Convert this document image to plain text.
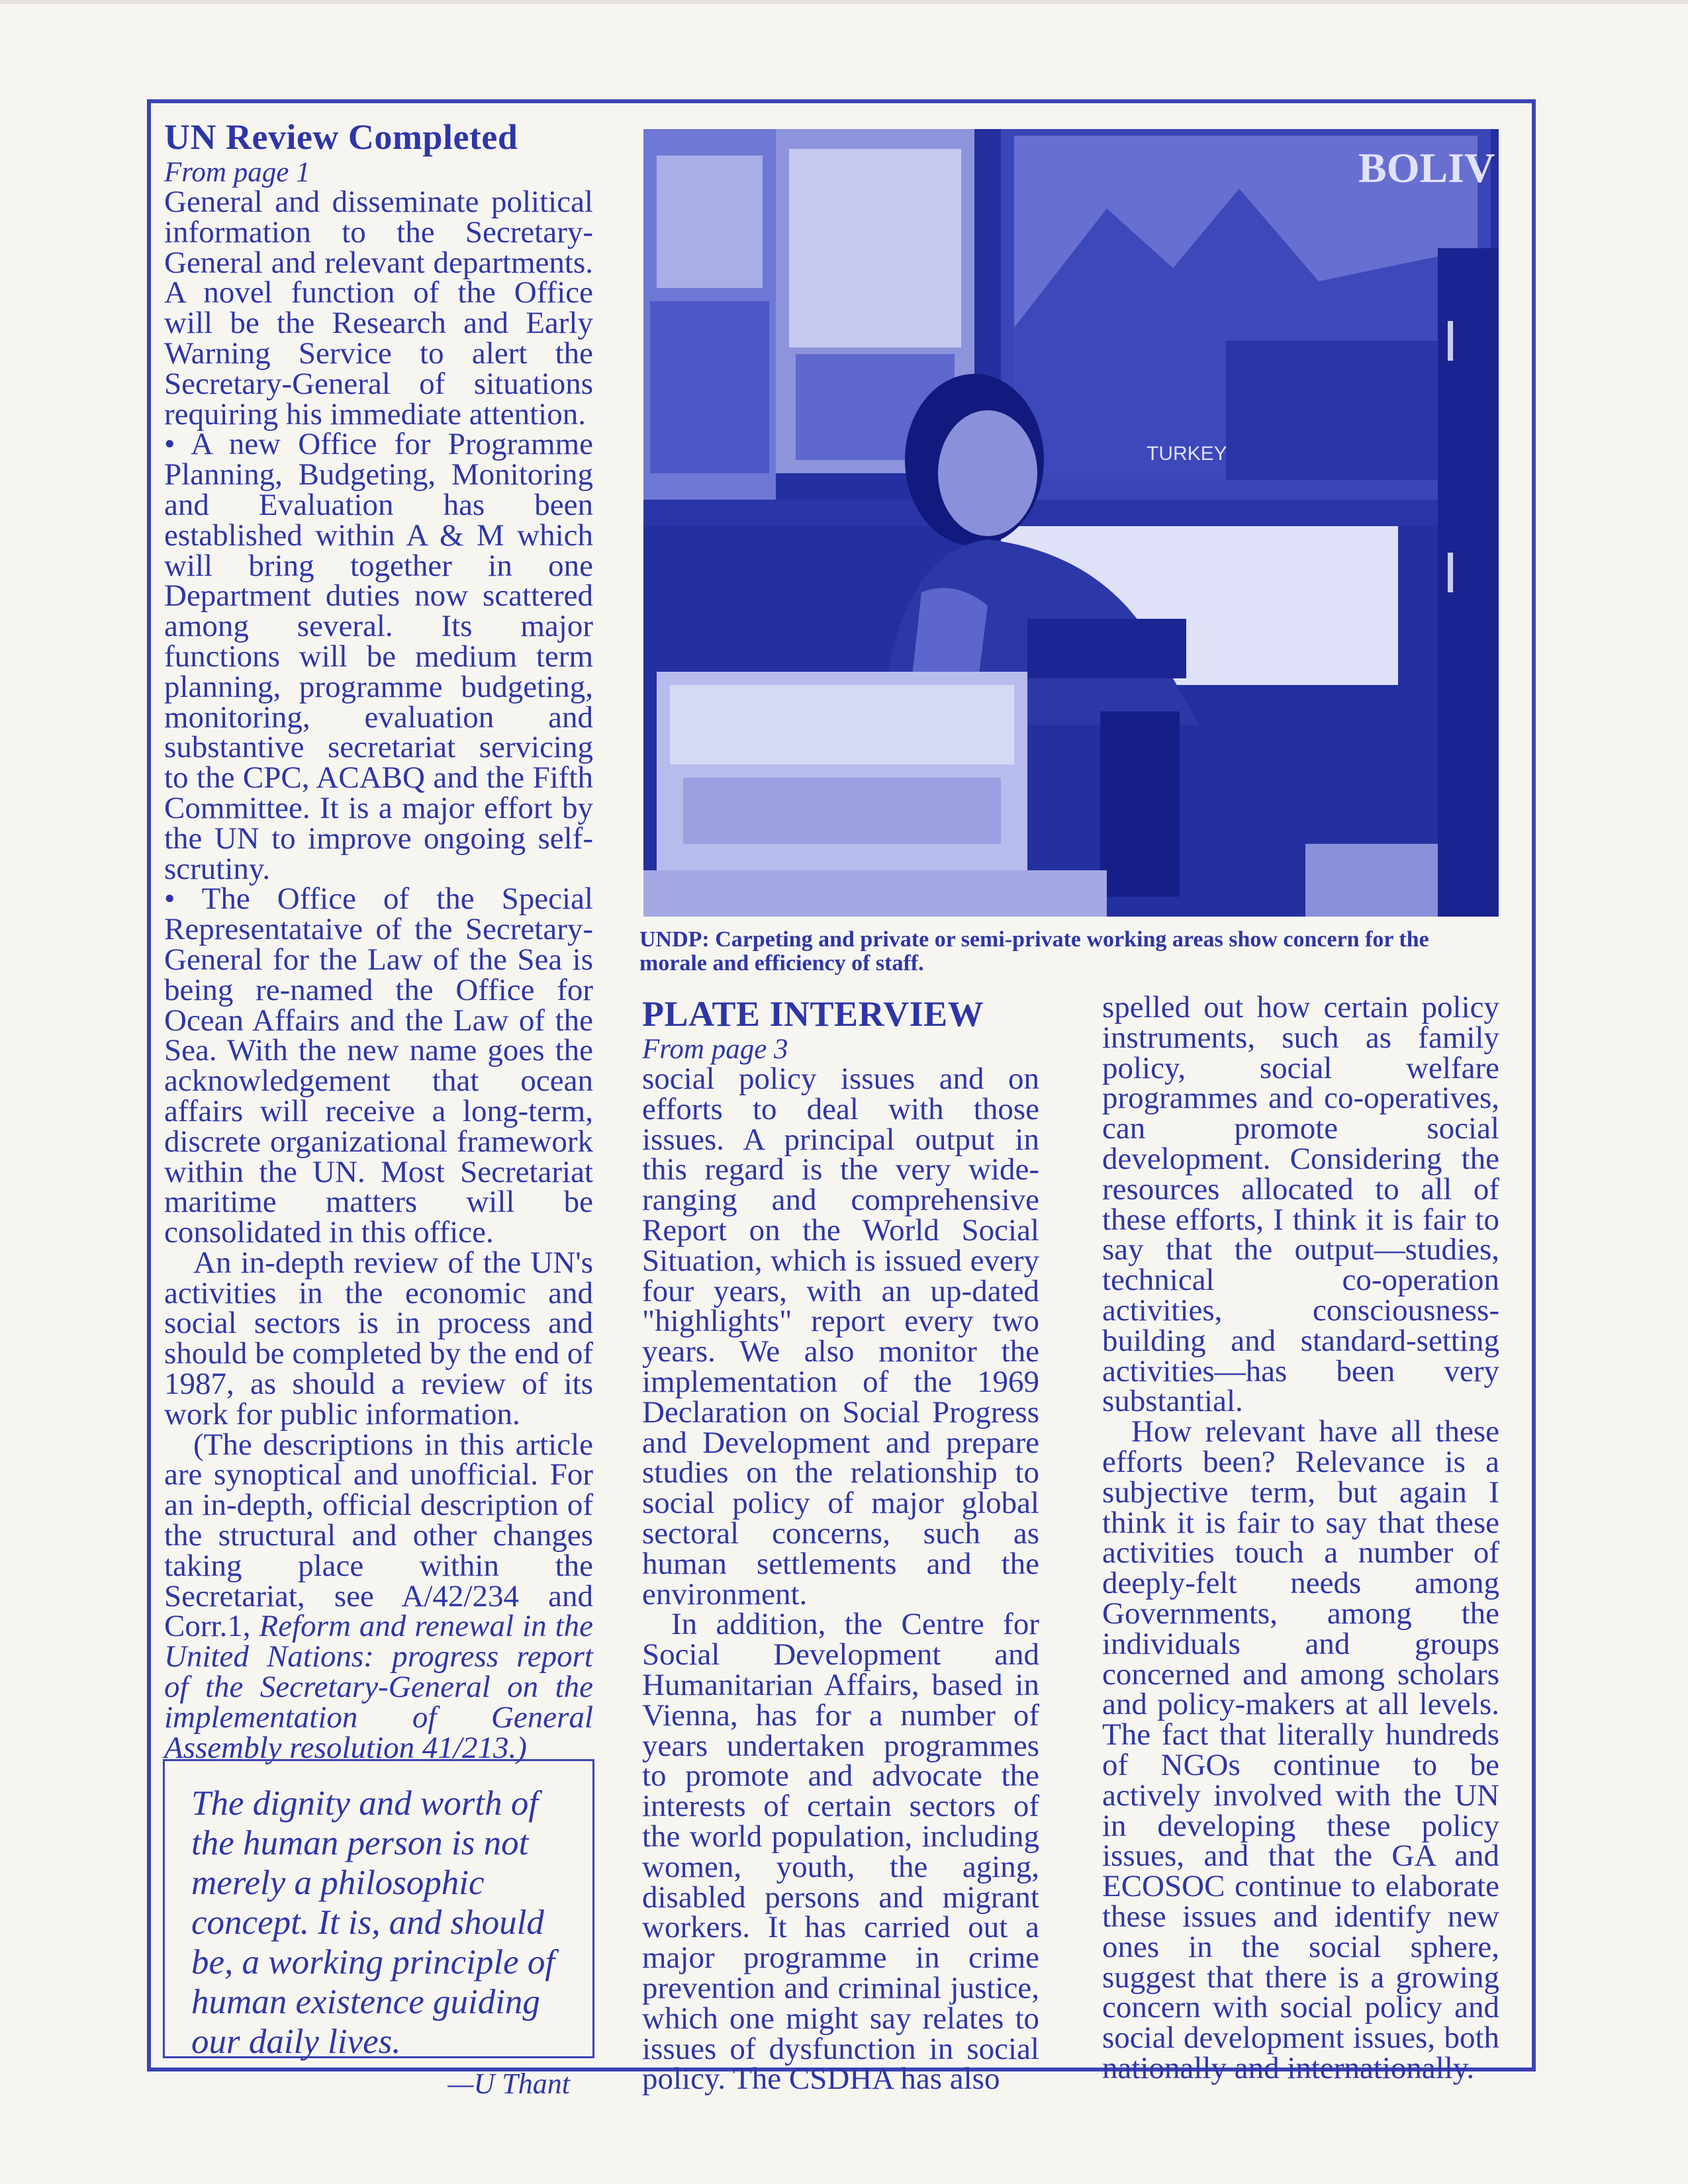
UN Review Completed
From page 1

General and disseminate political information to the Secretary-General and relevant departments. A novel function of the Office will be the Research and Early Warning Service to alert the Secretary-General of situations requiring his immediate attention.

• A new Office for Programme Planning, Budgeting, Monitoring and Evaluation has been established within A & M which will bring together in one Department duties now scattered among several. Its major functions will be medium term planning, programme budgeting, monitoring, evaluation and substantive secretariat servicing to the CPC, ACABQ and the Fifth Committee. It is a major effort by the UN to improve ongoing self-scrutiny.

• The Office of the Special Representataive of the Secretary-General for the Law of the Sea is being re-named the Office for Ocean Affairs and the Law of the Sea. With the new name goes the acknowledgement that ocean affairs will receive a long-term, discrete organizational framework within the UN. Most Secretariat maritime matters will be consolidated in this office.

An in-depth review of the UN's activities in the economic and social sectors is in process and should be completed by the end of 1987, as should a review of its work for public information.

(The descriptions in this article are synoptical and unofficial. For an in-depth, official description of the structural and other changes taking place within the Secretariat, see A/42/234 and Corr.1, Reform and renewal in the United Nations: progress report of the Secretary-General on the implementation of General Assembly resolution 41/213.)

The dignity and worth of the human person is not merely a philosophic concept. It is, and should be, a working principle of human existence guiding our daily lives.
—U Thant
BOLIV
TURKEY
UNDP: Carpeting and private or semi-private working areas show concern for the morale and efficiency of staff.
PLATE INTERVIEW
From page 3

social policy issues and on efforts to deal with those issues. A principal output in this regard is the very wide-ranging and comprehensive Report on the World Social Situation, which is issued every four years, with an up-dated "highlights" report every two years. We also monitor the implementation of the 1969 Declaration on Social Progress and Development and prepare studies on the relationship to social policy of major global sectoral concerns, such as human settlements and the environment.

In addition, the Centre for Social Development and Humanitarian Affairs, based in Vienna, has for a number of years undertaken programmes to promote and advocate the interests of certain sectors of the world population, including women, youth, the aging, disabled persons and migrant workers. It has carried out a major programme in crime prevention and criminal justice, which one might say relates to issues of dysfunction in social policy. The CSDHA has also

spelled out how certain policy instruments, such as family policy, social welfare programmes and co-operatives, can promote social development. Considering the resources allocated to all of these efforts, I think it is fair to say that the output—studies, technical co-operation activities, consciousness-building and standard-setting activities—has been very substantial.

How relevant have all these efforts been? Relevance is a subjective term, but again I think it is fair to say that these activities touch a number of deeply-felt needs among Governments, among the individuals and groups concerned and among scholars and policy-makers at all levels. The fact that literally hundreds of NGOs continue to be actively involved with the UN in developing these policy issues, and that the GA and ECOSOC continue to elaborate these issues and identify new ones in the social sphere, suggest that there is a growing concern with social policy and social development issues, both nationally and internationally.
